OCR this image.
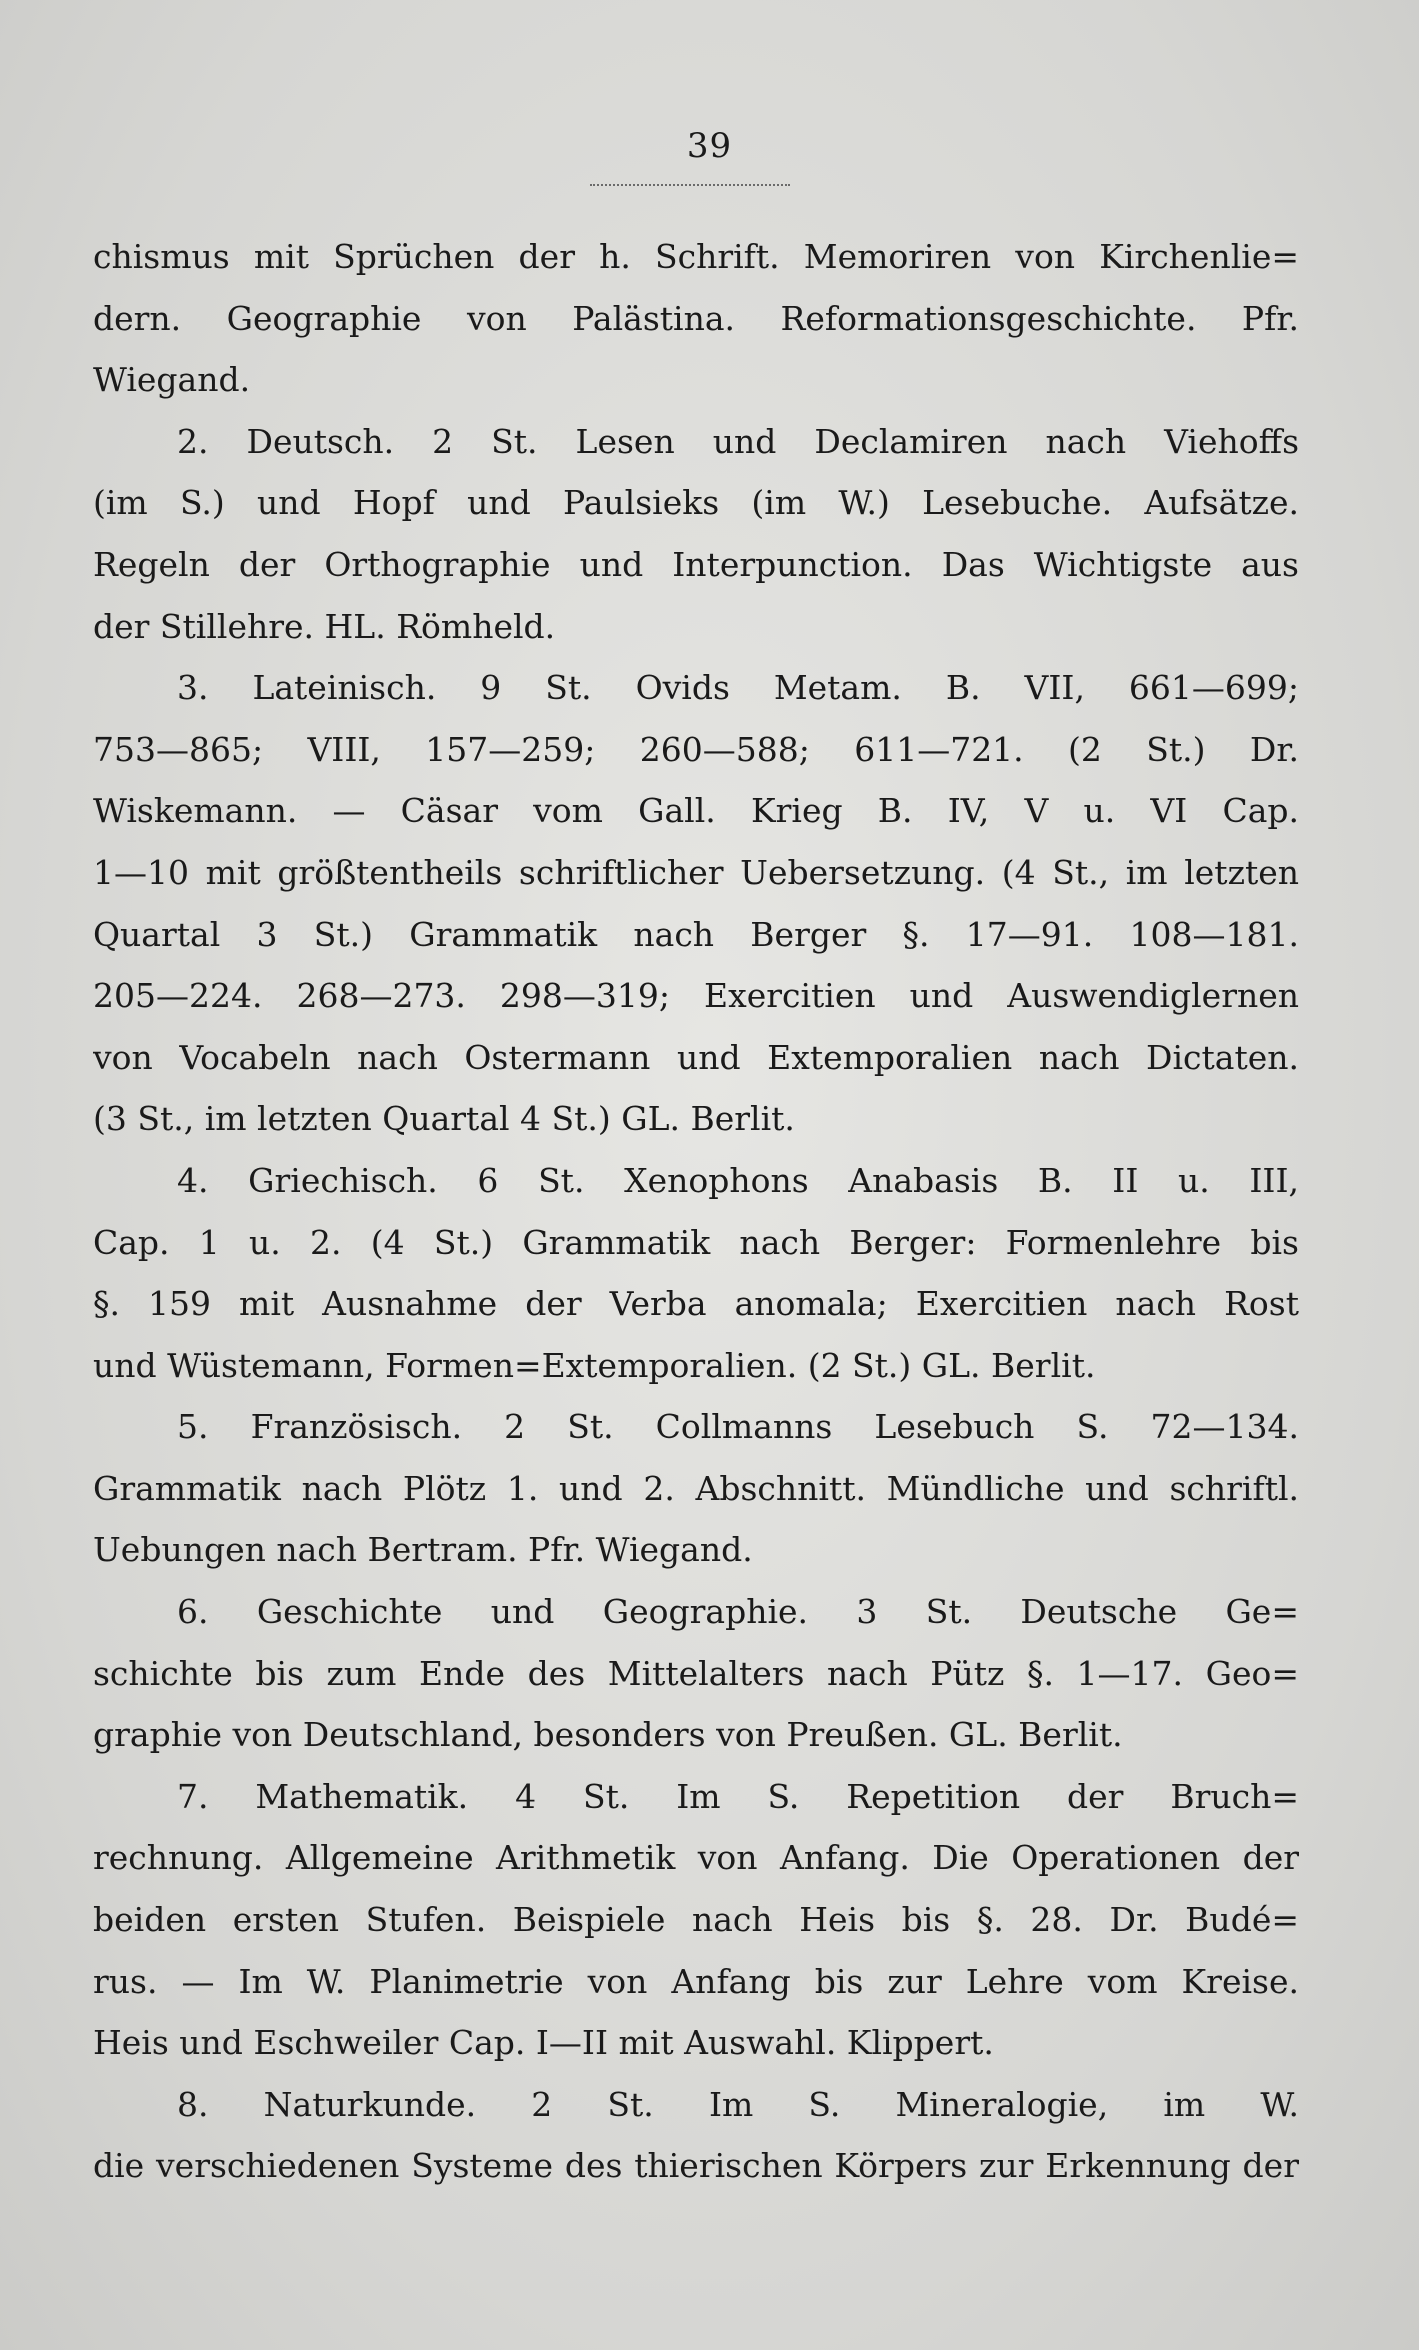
39
chismus mit Sprüchen der h. Schrift. Memoriren von Kirchenlie=
dern. Geographie von Palästina. Reformationsgeschichte. Pfr.
Wiegand.
2. Deutsch. 2 St. Lesen und Declamiren nach Viehoffs
(im S.) und Hopf und Paulsieks (im W.) Lesebuche. Aufsätze.
Regeln der Orthographie und Interpunction. Das Wichtigste aus
der Stillehre. HL. Römheld.
3. Lateinisch. 9 St. Ovids Metam. B. VII, 661—699;
753—865; VIII, 157—259; 260—588; 611—721. (2 St.) Dr.
Wiskemann. — Cäsar vom Gall. Krieg B. IV, V u. VI Cap.
1—10 mit größtentheils schriftlicher Uebersetzung. (4 St., im letzten
Quartal 3 St.) Grammatik nach Berger §. 17—91. 108—181.
205—224. 268—273. 298—319; Exercitien und Auswendiglernen
von Vocabeln nach Ostermann und Extemporalien nach Dictaten.
(3 St., im letzten Quartal 4 St.) GL. Berlit.
4. Griechisch. 6 St. Xenophons Anabasis B. II u. III,
Cap. 1 u. 2. (4 St.) Grammatik nach Berger: Formenlehre bis
§. 159 mit Ausnahme der Verba anomala; Exercitien nach Rost
und Wüstemann, Formen=Extemporalien. (2 St.) GL. Berlit.
5. Französisch. 2 St. Collmanns Lesebuch S. 72—134.
Grammatik nach Plötz 1. und 2. Abschnitt. Mündliche und schriftl.
Uebungen nach Bertram. Pfr. Wiegand.
6. Geschichte und Geographie. 3 St. Deutsche Ge=
schichte bis zum Ende des Mittelalters nach Pütz §. 1—17. Geo=
graphie von Deutschland, besonders von Preußen. GL. Berlit.
7. Mathematik. 4 St. Im S. Repetition der Bruch=
rechnung. Allgemeine Arithmetik von Anfang. Die Operationen der
beiden ersten Stufen. Beispiele nach Heis bis §. 28. Dr. Budé=
rus. — Im W. Planimetrie von Anfang bis zur Lehre vom Kreise.
Heis und Eschweiler Cap. I—II mit Auswahl. Klippert.
8. Naturkunde. 2 St. Im S. Mineralogie, im W.
die verschiedenen Systeme des thierischen Körpers zur Erkennung der
